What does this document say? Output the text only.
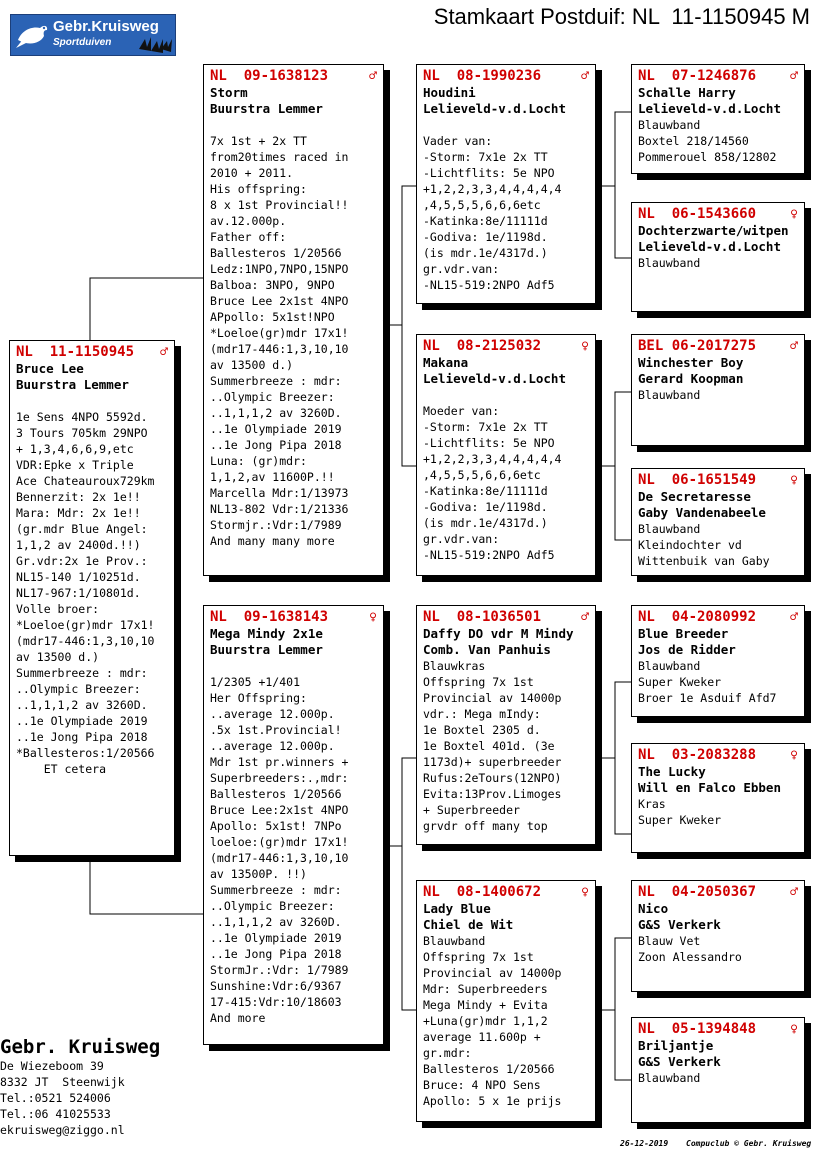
Stamkaart Postduif: NL  11-1150945 M
Gebr.Kruisweg
Sportduiven
NL  11-1150945 ♂
Bruce Lee
Buurstra Lemmer
1e Sens 4NPO 5592d.
3 Tours 705km 29NPO
+ 1,3,4,6,6,9,etc
VDR:Epke x Triple
Ace Chateauroux729km
Bennerzit: 2x 1e!!
Mara: Mdr: 2x 1e!!
(gr.mdr Blue Angel:
1,1,2 av 2400d.!!)
Gr.vdr:2x 1e Prov.:
NL15-140 1/10251d.
NL17-967:1/10801d.
Volle broer:
*Loeloe(gr)mdr 17x1!
(mdr17-446:1,3,10,10
av 13500 d.)
Summerbreeze : mdr:
..Olympic Breezer:
..1,1,1,2 av 3260D.
..1e Olympiade 2019
..1e Jong Pipa 2018
*Ballesteros:1/20566
ET cetera
NL  09-1638123	♂
Storm
Buurstra Lemmer
7x 1st + 2x TT
from20times raced in
2010 + 2011.
His offspring:
8 x 1st Provincial!!
av.12.000p.
Father off:
Ballesteros 1/20566
Ledz:1NPO,7NPO,15NPO
Balboa: 3NPO, 9NPO
Bruce Lee 2x1st 4NPO
APpollo: 5x1st!NPO
*Loeloe(gr)mdr 17x1!
(mdr17-446:1,3,10,10
av 13500 d.)
Summerbreeze : mdr:
..Olympic Breezer:
..1,1,1,2 av 3260D.
..1e Olympiade 2019
..1e Jong Pipa 2018
Luna: (gr)mdr:
1,1,2,av 11600P.!!
Marcella Mdr:1/13973
NL13-802 Vdr:1/21336
Stormjr.:Vdr:1/7989
And many many more
NL  09-1638143	♀
Mega Mindy 2x1e
Buurstra Lemmer
1/2305 +1/401
Her Offspring:
..average 12.000p.
.5x 1st.Provincial!
..average 12.000p.
Mdr 1st pr.winners +
Superbreeders:.,mdr:
Ballesteros 1/20566
Bruce Lee:2x1st 4NPO
Apollo: 5x1st! 7NPo
loeloe:(gr)mdr 17x1!
(mdr17-446:1,3,10,10
av 13500P. !!)
Summerbreeze : mdr:
..Olympic Breezer:
..1,1,1,2 av 3260D.
..1e Olympiade 2019
..1e Jong Pipa 2018
StormJr.:Vdr: 1/7989
Sunshine:Vdr:6/9367
17-415:Vdr:10/18603
And more
NL  08-1990236	♂
Houdini
Lelieveld-v.d.Locht
Vader van:
-Storm: 7x1e 2x TT
-Lichtflits: 5e NPO
+1,2,2,3,3,4,4,4,4,4
,4,5,5,5,6,6,6etc
-Katinka:8e/11111d
-Godiva: 1e/1198d.
(is mdr.1e/4317d.)
gr.vdr.van:
-NL15-519:2NPO Adf5
NL  08-2125032	♀
Makana
Lelieveld-v.d.Locht
Moeder van:
-Storm: 7x1e 2x TT
-Lichtflits: 5e NPO
+1,2,2,3,3,4,4,4,4,4
,4,5,5,5,6,6,6etc
-Katinka:8e/11111d
-Godiva: 1e/1198d.
(is mdr.1e/4317d.)
gr.vdr.van:
-NL15-519:2NPO Adf5
NL  08-1036501	♂
Daffy DO vdr M Mindy
Comb. Van Panhuis
Blauwkras
Offspring 7x 1st
Provincial av 14000p
vdr.: Mega mIndy:
1e Boxtel 2305 d.
1e Boxtel 401d. (3e
1173d)+ superbreeder
Rufus:2eTours(12NPO)
Evita:13Prov.Limoges
+ Superbreeder
grvdr off many top
NL  08-1400672	♀
Lady Blue
Chiel de Wit
Blauwband
Offspring 7x 1st
Provincial av 14000p
Mdr: Superbreeders
Mega Mindy + Evita
+Luna(gr)mdr 1,1,2
average 11.600p +
gr.mdr:
Ballesteros 1/20566
Bruce: 4 NPO Sens
Apollo: 5 x 1e prijs
NL  07-1246876	♂
Schalle Harry
Lelieveld-v.d.Locht
Blauwband
Boxtel 218/14560
Pommerouel 858/12802
NL  06-1543660	♀
Dochterzwarte/witpen
Lelieveld-v.d.Locht
Blauwband
BEL 06-2017275	♂
Winchester Boy
Gerard Koopman
Blauwband
NL  06-1651549	♀
De Secretaresse
Gaby Vandenabeele
Blauwband
Kleindochter vd
Wittenbuik van Gaby
NL  04-2080992	♂
Blue Breeder
Jos de Ridder
Blauwband
Super Kweker
Broer 1e Asduif Afd7
NL  03-2083288	♀
The Lucky
Will en Falco Ebben
Kras
Super Kweker
NL  04-2050367	♂
Nico
G&S Verkerk
Blauw Vet
Zoon Alessandro
NL  05-1394848	♀
Briljantje
G&S Verkerk
Blauwband
Gebr. Kruisweg
De Wiezeboom 39
8332 JT  Steenwijk
Tel.:0521 524006
Tel.:06 41025533
ekruisweg@ziggo.nl
26-12-2019 Compuclub © Gebr. Kruisweg
